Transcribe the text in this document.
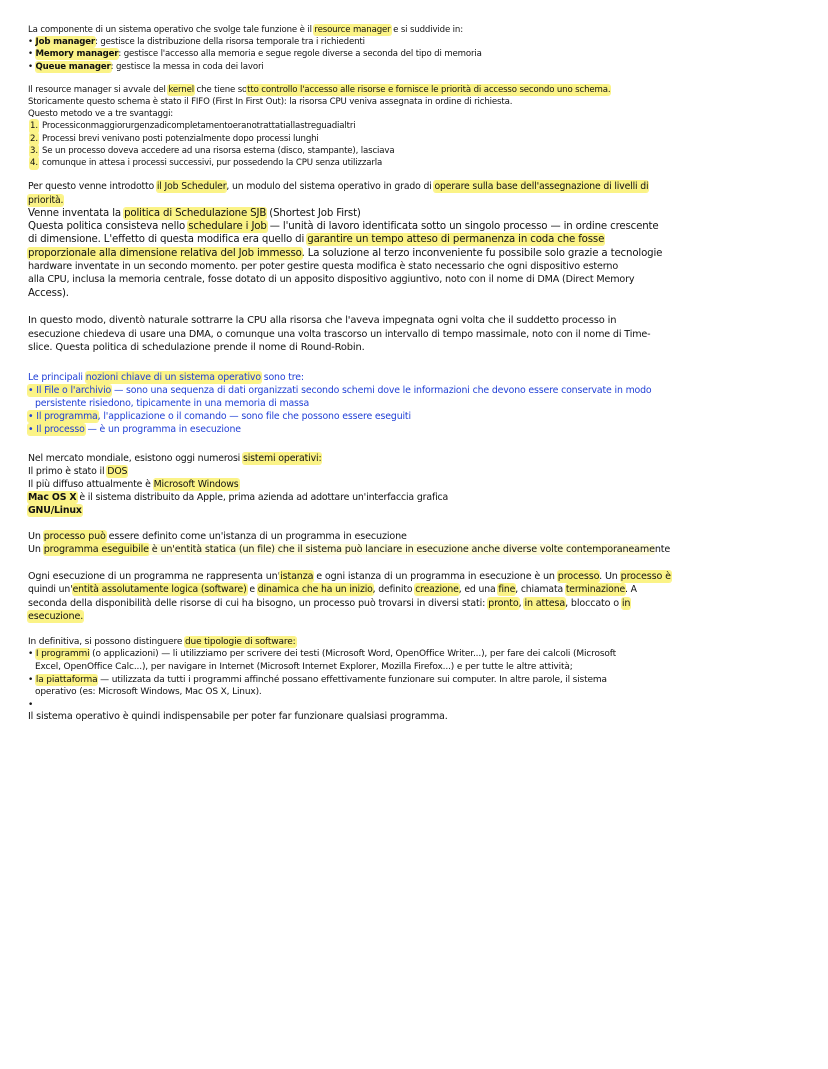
La componente di un sistema operativo che svolge tale funzione è il resource manager e si suddivide in:
• Job manager: gestisce la distribuzione della risorsa temporale tra i richiedenti
• Memory manager: gestisce l'accesso alla memoria e segue regole diverse a seconda del tipo di memoria
• Queue manager: gestisce la messa in coda dei lavori
Il resource manager si avvale del kernel che tiene sotto controllo l'accesso alle risorse e fornisce le priorità di accesso secondo uno schema.
Storicamente questo schema è stato il FIFO (First In First Out): la risorsa CPU veniva assegnata in ordine di richiesta.
Questo metodo ve a tre svantaggi:
1. Processiconmaggiorurgenzadicompletamentoeranotrattatiallastreguadialtri
2. Processi brevi venivano posti potenzialmente dopo processi lunghi
3. Se un processo doveva accedere ad una risorsa esterna (disco, stampante), lasciava
4. comunque in attesa i processi successivi, pur possedendo la CPU senza utilizzarla
Per questo venne introdotto il Job Scheduler, un modulo del sistema operativo in grado di operare sulla base dell'assegnazione di livelli di
priorità.
Venne inventata la politica di Schedulazione SJB (Shortest Job First)
Questa politica consisteva nello schedulare i Job — l'unità di lavoro identificata sotto un singolo processo — in ordine crescente
di dimensione. L'effetto di questa modifica era quello di garantire un tempo atteso di permanenza in coda che fosse
proporzionale alla dimensione relativa del Job immesso. La soluzione al terzo inconveniente fu possibile solo grazie a tecnologie
hardware inventate in un secondo momento. per poter gestire questa modifica è stato necessario che ogni dispositivo esterno
alla CPU, inclusa la memoria centrale, fosse dotato di un apposito dispositivo aggiuntivo, noto con il nome di DMA (Direct Memory
Access).
In questo modo, diventò naturale sottrarre la CPU alla risorsa che l'aveva impegnata ogni volta che il suddetto processo in
esecuzione chiedeva di usare una DMA, o comunque una volta trascorso un intervallo di tempo massimale, noto con il nome di Time-
slice. Questa politica di schedulazione prende il nome di Round-Robin.
Le principali nozioni chiave di un sistema operativo sono tre:
• Il File o l'archivio — sono una sequenza di dati organizzati secondo schemi dove le informazioni che devono essere conservate in modo
persistente risiedono, tipicamente in una memoria di massa
• Il programma, l'applicazione o il comando — sono file che possono essere eseguiti
• Il processo — è un programma in esecuzione
Nel mercato mondiale, esistono oggi numerosi sistemi operativi:
Il primo è stato il DOS
Il più diffuso attualmente è Microsoft Windows
Mac OS X è il sistema distribuito da Apple, prima azienda ad adottare un'interfaccia grafica
GNU/Linux
Un processo può essere definito come un'istanza di un programma in esecuzione
Un programma eseguibile è un'entità statica (un file) che il sistema può lanciare in esecuzione anche diverse volte contemporaneamente
Ogni esecuzione di un programma ne rappresenta un'istanza e ogni istanza di un programma in esecuzione è un processo. Un processo è
quindi un'entità assolutamente logica (software) e dinamica che ha un inizio, definito creazione, ed una fine, chiamata terminazione. A
seconda della disponibilità delle risorse di cui ha bisogno, un processo può trovarsi in diversi stati: pronto, in attesa, bloccato o in
esecuzione.
In definitiva, si possono distinguere due tipologie di software:
• I programmi (o applicazioni) — li utilizziamo per scrivere dei testi (Microsoft Word, OpenOffice Writer...), per fare dei calcoli (Microsoft
Excel, OpenOffice Calc...), per navigare in Internet (Microsoft Internet Explorer, Mozilla Firefox...) e per tutte le altre attività;
• la piattaforma — utilizzata da tutti i programmi affinché possano effettivamente funzionare sui computer. In altre parole, il sistema
operativo (es: Microsoft Windows, Mac OS X, Linux).
•
Il sistema operativo è quindi indispensabile per poter far funzionare qualsiasi programma.
